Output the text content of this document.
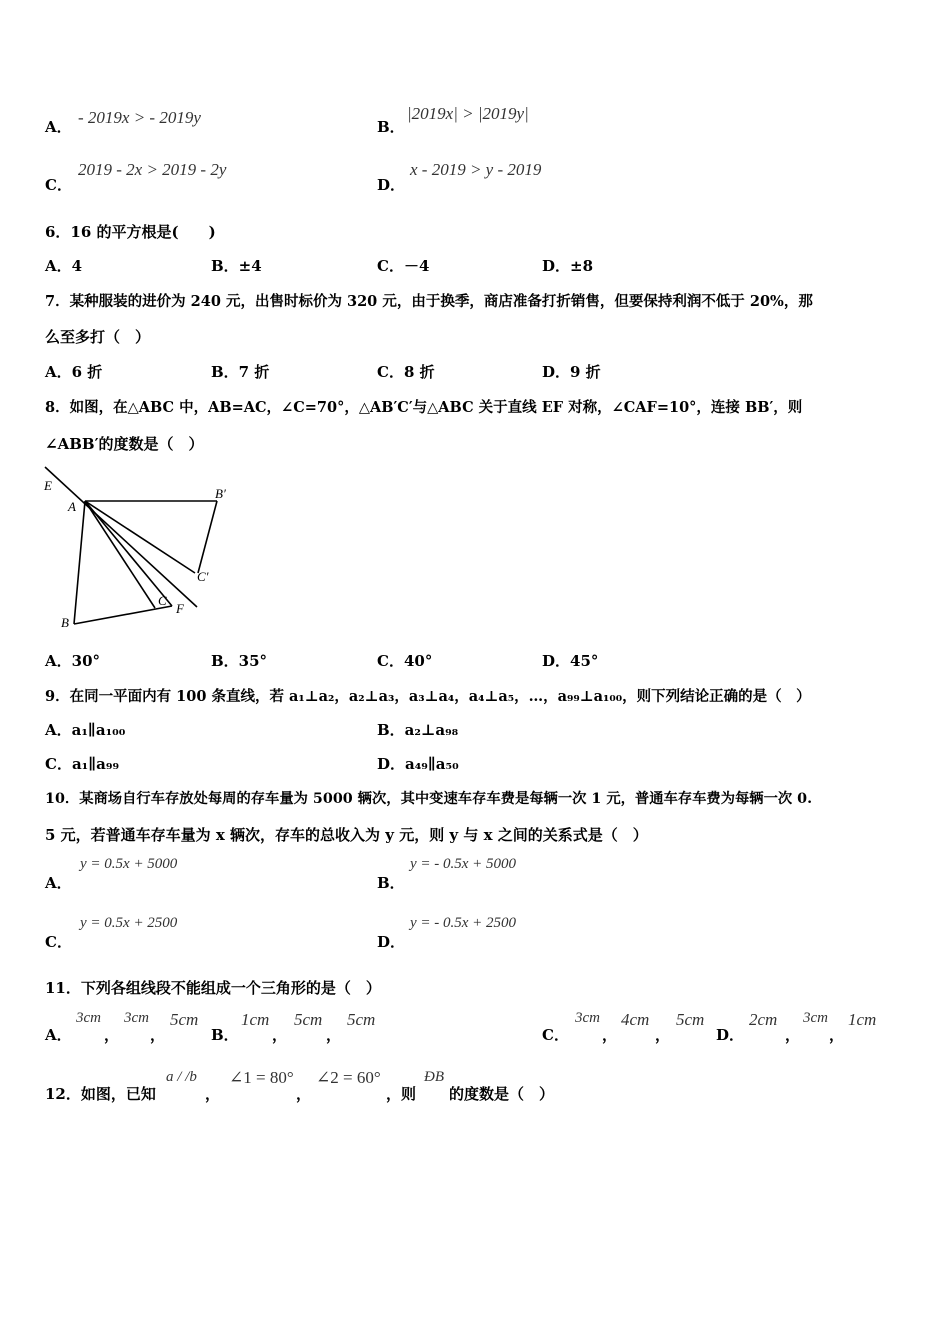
A． - 2019x > - 2019y	B．
|2019x| > |2019y|
C．
2019 - 2x > 2019 - 2y
D．
x - 2019 > y - 2019
6．16 的平方根是(　　)
A．4	B．±4	C．－4	D．±8
7．某种服装的进价为 240 元，出售时标价为 320 元，由于换季，商店准备打折销售，但要保持利润不低于 20%，那
么至多打（　）
A．6 折	B．7 折	C．8 折	D．9 折
8．如图，在△ABC 中，AB=AC，∠C=70°，△AB′C′与△ABC 关于直线 EF 对称，∠CAF=10°，连接 BB′，则
∠ABB′的度数是（　）
E
A
B′
C′
C
F
B
A．30°	B．35°	C．40°	D．45°
9．在同一平面内有 100 条直线，若 a₁⊥a₂，a₂⊥a₃，a₃⊥a₄，a₄⊥a₅，…，a₉₉⊥a₁₀₀，则下列结论正确的是（　）
A．a₁∥a₁₀₀	B．a₂⊥a₉₈
C．a₁∥a₉₉	D．a₄₉∥a₅₀
10．某商场自行车存放处每周的存车量为 5000 辆次，其中变速车存车费是每辆一次 1 元，普通车存车费为每辆一次 0.
5 元，若普通车存车量为 x 辆次，存车的总收入为 y 元，则 y 与 x 之间的关系式是（　）
A．
y = 0.5x + 5000
B．
y = - 0.5x + 5000
C．
y = 0.5x + 2500
D．
y = - 0.5x + 2500
11．下列各组线段不能组成一个三角形的是（　）
A．
3cm
，
3cm
，
5cm
B．
1cm
，
5cm
，
5cm
C．
3cm
，
4cm
，
5cm
D．
2cm
，
3cm
，
1cm
12．如图，已知
a / /b
，
∠1 = 80°
，
∠2 = 60°
，则
ÐB
的度数是（　）
